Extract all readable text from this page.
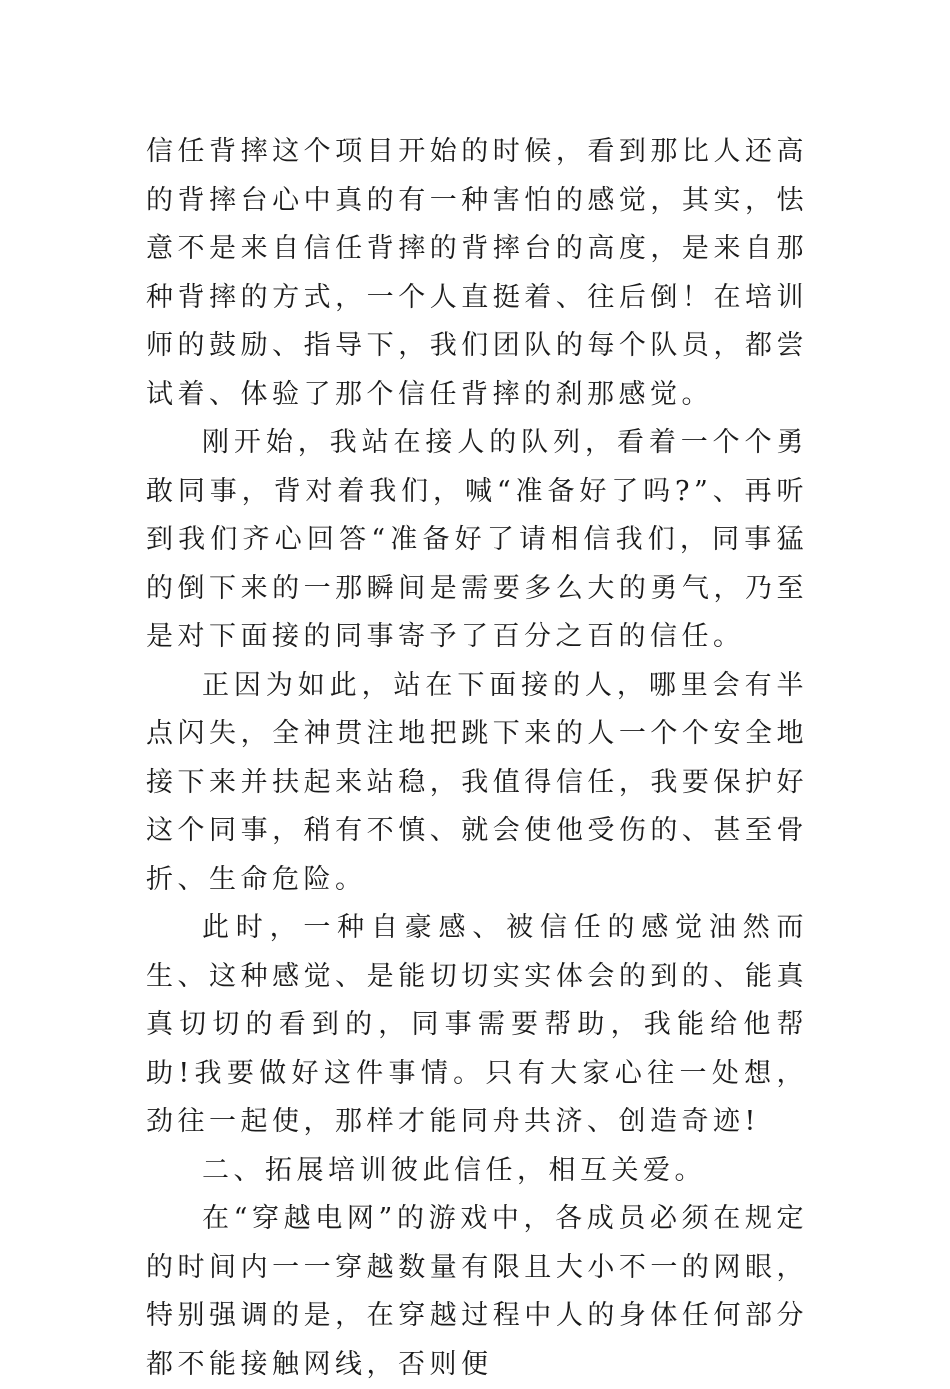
信任背摔这个项目开始的时候，看到那比人还高的背摔台心中真的有一种害怕的感觉，其实，怯意不是来自信任背摔的背摔台的高度，是来自那种背摔的方式，一个人直挺着、往后倒！在培训师的鼓励、指导下，我们团队的每个队员，都尝试着、体验了那个信任背摔的刹那感觉。

刚开始，我站在接人的队列，看着一个个勇敢同事，背对着我们，喊“准备好了吗?”、再听到我们齐心回答“准备好了请相信我们，同事猛的倒下来的一那瞬间是需要多么大的勇气，乃至是对下面接的同事寄予了百分之百的信任。

正因为如此，站在下面接的人，哪里会有半点闪失，全神贯注地把跳下来的人一个个安全地接下来并扶起来站稳，我值得信任，我要保护好这个同事，稍有不慎、就会使他受伤的、甚至骨折、生命危险。

此时，一种自豪感、被信任的感觉油然而生、这种感觉、是能切切实实体会的到的、能真真切切的看到的，同事需要帮助，我能给他帮助!我要做好这件事情。只有大家心往一处想，劲往一起使，那样才能同舟共济、创造奇迹!

二、拓展培训彼此信任，相互关爱。

在“穿越电网”的游戏中，各成员必须在规定的时间内一一穿越数量有限且大小不一的网眼，特别强调的是，在穿越过程中人的身体任何部分都不能接触网线，否则便
